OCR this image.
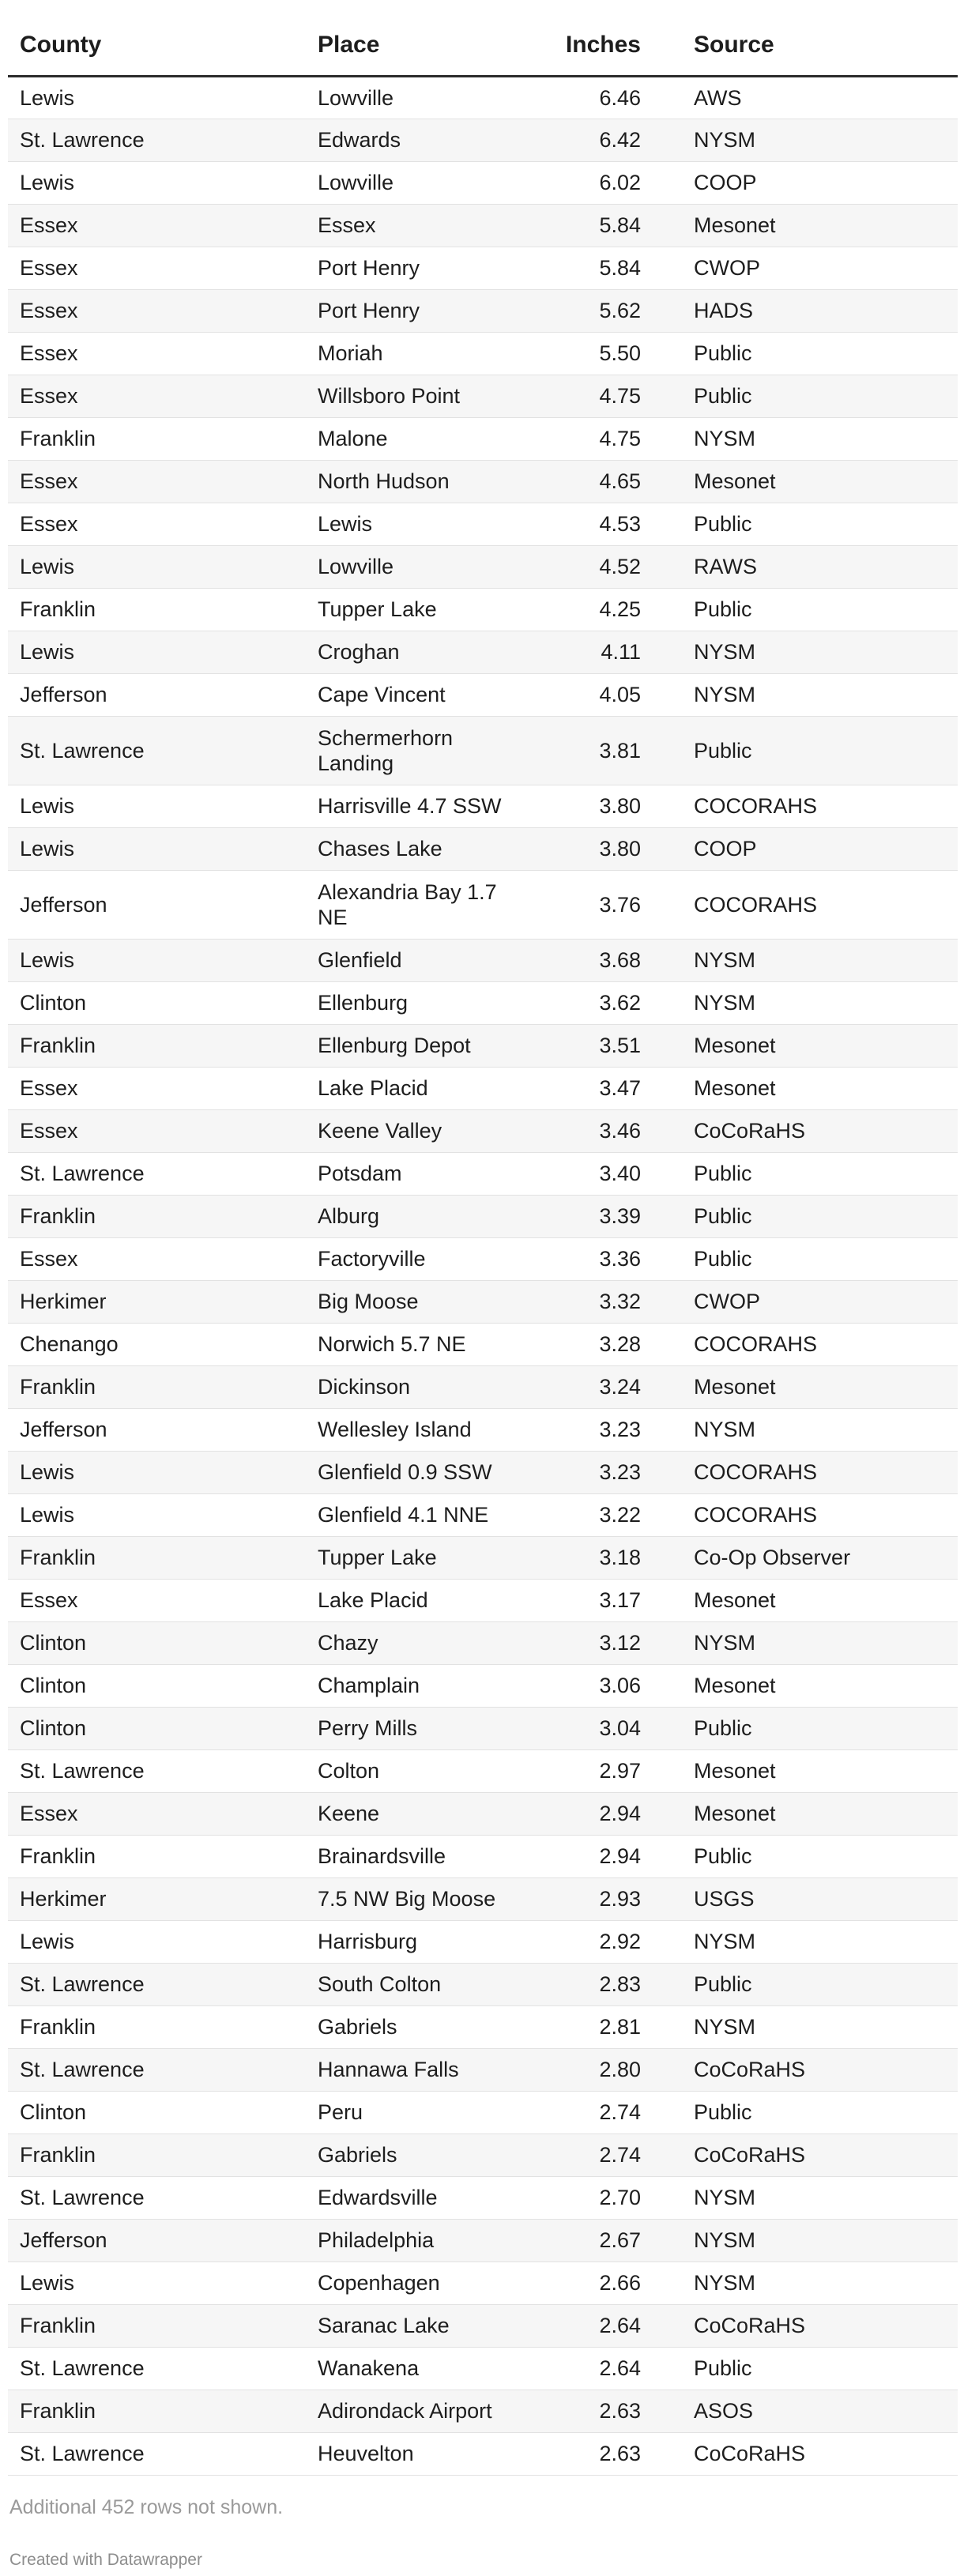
County	Place	Inches	Source
Lewis	Lowville	6.46	AWS
St. Lawrence	Edwards	6.42	NYSM
Lewis	Lowville	6.02	COOP
Essex	Essex	5.84	Mesonet
Essex	Port Henry	5.84	CWOP
Essex	Port Henry	5.62	HADS
Essex	Moriah	5.50	Public
Essex	Willsboro Point	4.75	Public
Franklin	Malone	4.75	NYSM
Essex	North Hudson	4.65	Mesonet
Essex	Lewis	4.53	Public
Lewis	Lowville	4.52	RAWS
Franklin	Tupper Lake	4.25	Public
Lewis	Croghan	4.11	NYSM
Jefferson	Cape Vincent	4.05	NYSM
St. Lawrence	Schermerhorn Landing	3.81	Public
Lewis	Harrisville 4.7 SSW	3.80	COCORAHS
Lewis	Chases Lake	3.80	COOP
Jefferson	Alexandria Bay 1.7 NE	3.76	COCORAHS
Lewis	Glenfield	3.68	NYSM
Clinton	Ellenburg	3.62	NYSM
Franklin	Ellenburg Depot	3.51	Mesonet
Essex	Lake Placid	3.47	Mesonet
Essex	Keene Valley	3.46	CoCoRaHS
St. Lawrence	Potsdam	3.40	Public
Franklin	Alburg	3.39	Public
Essex	Factoryville	3.36	Public
Herkimer	Big Moose	3.32	CWOP
Chenango	Norwich 5.7 NE	3.28	COCORAHS
Franklin	Dickinson	3.24	Mesonet
Jefferson	Wellesley Island	3.23	NYSM
Lewis	Glenfield 0.9 SSW	3.23	COCORAHS
Lewis	Glenfield 4.1 NNE	3.22	COCORAHS
Franklin	Tupper Lake	3.18	Co-Op Observer
Essex	Lake Placid	3.17	Mesonet
Clinton	Chazy	3.12	NYSM
Clinton	Champlain	3.06	Mesonet
Clinton	Perry Mills	3.04	Public
St. Lawrence	Colton	2.97	Mesonet
Essex	Keene	2.94	Mesonet
Franklin	Brainardsville	2.94	Public
Herkimer	7.5 NW Big Moose	2.93	USGS
Lewis	Harrisburg	2.92	NYSM
St. Lawrence	South Colton	2.83	Public
Franklin	Gabriels	2.81	NYSM
St. Lawrence	Hannawa Falls	2.80	CoCoRaHS
Clinton	Peru	2.74	Public
Franklin	Gabriels	2.74	CoCoRaHS
St. Lawrence	Edwardsville	2.70	NYSM
Jefferson	Philadelphia	2.67	NYSM
Lewis	Copenhagen	2.66	NYSM
Franklin	Saranac Lake	2.64	CoCoRaHS
St. Lawrence	Wanakena	2.64	Public
Franklin	Adirondack Airport	2.63	ASOS
St. Lawrence	Heuvelton	2.63	CoCoRaHS
Additional 452 rows not shown.
Created with Datawrapper
